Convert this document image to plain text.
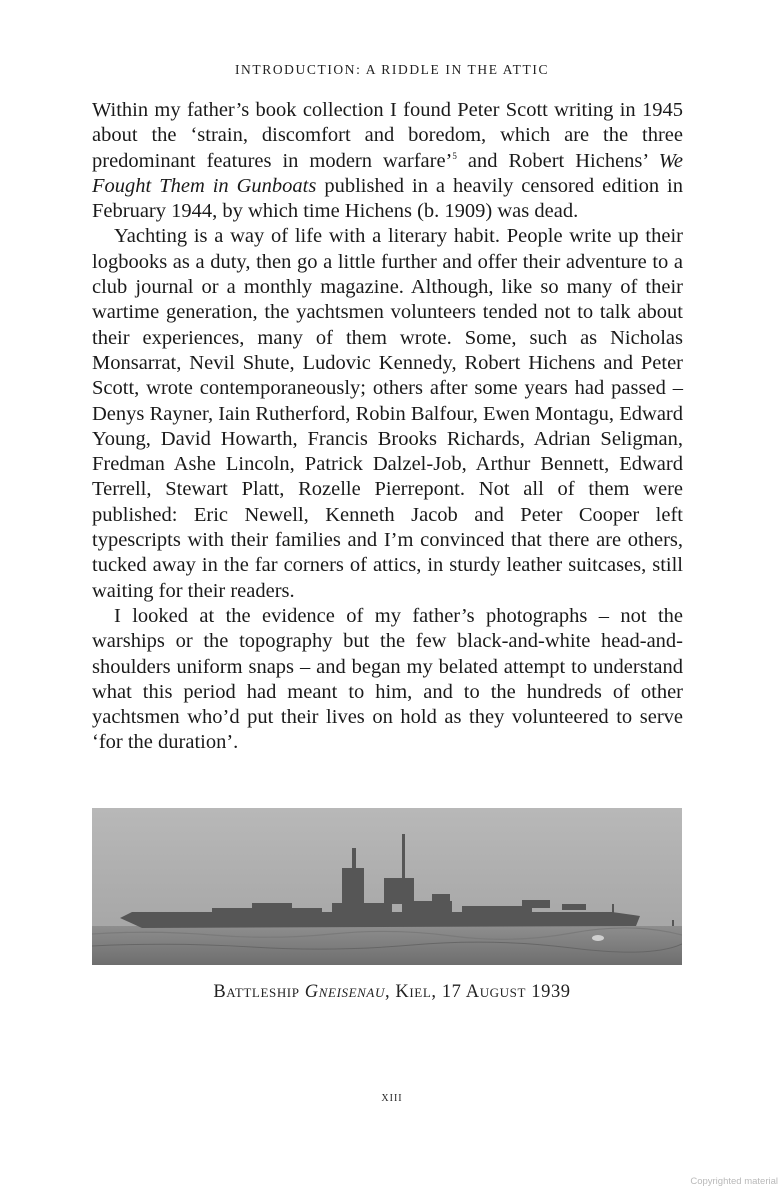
INTRODUCTION: A RIDDLE IN THE ATTIC

Within my father’s book collection I found Peter Scott writing in 1945 about the ‘strain, discomfort and boredom, which are the three predominant features in modern warfare’$^5$ and Robert Hichens’ We Fought Them in Gunboats published in a heavily censored edition in February 1944, by which time Hichens (b. 1909) was dead.

Yachting is a way of life with a literary habit. People write up their logbooks as a duty, then go a little further and offer their adventure to a club journal or a monthly magazine. Although, like so many of their wartime generation, the yachtsmen volunteers tended not to talk about their experiences, many of them wrote. Some, such as Nicholas Monsarrat, Nevil Shute, Ludovic Kennedy, Robert Hichens and Peter Scott, wrote contemporaneously; others after some years had passed – Denys Rayner, Iain Rutherford, Robin Balfour, Ewen Montagu, Edward Young, David Howarth, Francis Brooks Richards, Adrian Seligman, Fredman Ashe Lincoln, Patrick Dalzel-Job, Arthur Bennett, Edward Terrell, Stewart Platt, Rozelle Pierrepont. Not all of them were published: Eric Newell, Kenneth Jacob and Peter Cooper left typescripts with their families and I’m convinced that there are others, tucked away in the far corners of attics, in sturdy leather suitcases, still waiting for their readers.

I looked at the evidence of my father’s photographs – not the warships or the topography but the few black-and-white head-and-shoulders uniform snaps – and began my belated attempt to understand what this period had meant to him, and to the hundreds of other yachtsmen who’d put their lives on hold as they volunteered to serve ‘for the duration’.

Battleship Gneisenau, Kiel, 17 August 1939
xiii
Copyrighted material
